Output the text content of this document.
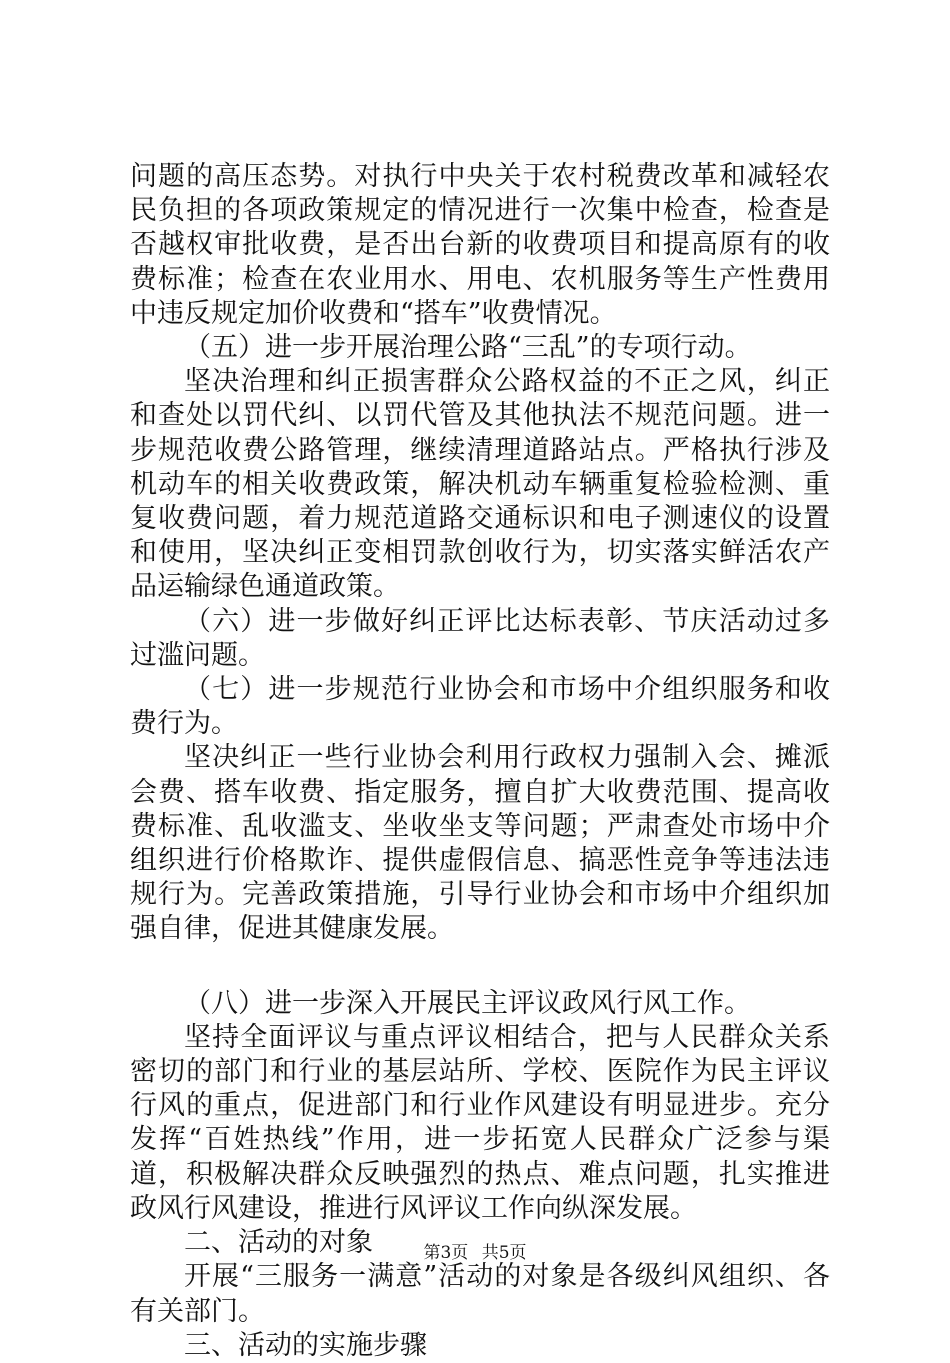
问题的高压态势。对执行中央关于农村税费改革和减轻农民负担的各项政策规定的情况进行一次集中检查，检查是否越权审批收费，是否出台新的收费项目和提高原有的收费标准；检查在农业用水、用电、农机服务等生产性费用中违反规定加价收费和“搭车”收费情况。

（五）进一步开展治理公路“三乱”的专项行动。

坚决治理和纠正损害群众公路权益的不正之风，纠正和查处以罚代纠、以罚代管及其他执法不规范问题。进一步规范收费公路管理，继续清理道路站点。严格执行涉及机动车的相关收费政策，解决机动车辆重复检验检测、重复收费问题，着力规范道路交通标识和电子测速仪的设置和使用，坚决纠正变相罚款创收行为，切实落实鲜活农产品运输绿色通道政策。

（六）进一步做好纠正评比达标表彰、节庆活动过多过滥问题。

（七）进一步规范行业协会和市场中介组织服务和收费行为。

坚决纠正一些行业协会利用行政权力强制入会、摊派会费、搭车收费、指定服务，擅自扩大收费范围、提高收费标准、乱收滥支、坐收坐支等问题；严肃查处市场中介组织进行价格欺诈、提供虚假信息、搞恶性竞争等违法违规行为。完善政策措施，引导行业协会和市场中介组织加强自律，促进其健康发展。

（八）进一步深入开展民主评议政风行风工作。

坚持全面评议与重点评议相结合，把与人民群众关系密切的部门和行业的基层站所、学校、医院作为民主评议行风的重点，促进部门和行业作风建设有明显进步。充分发挥“百姓热线”作用，进一步拓宽人民群众广泛参与渠道，积极解决群众反映强烈的热点、难点问题，扎实推进政风行风建设，推进行风评议工作向纵深发展。

二、活动的对象

开展“三服务一满意”活动的对象是各级纠风组织、各有关部门。

三、活动的实施步骤

第3页 共5页
